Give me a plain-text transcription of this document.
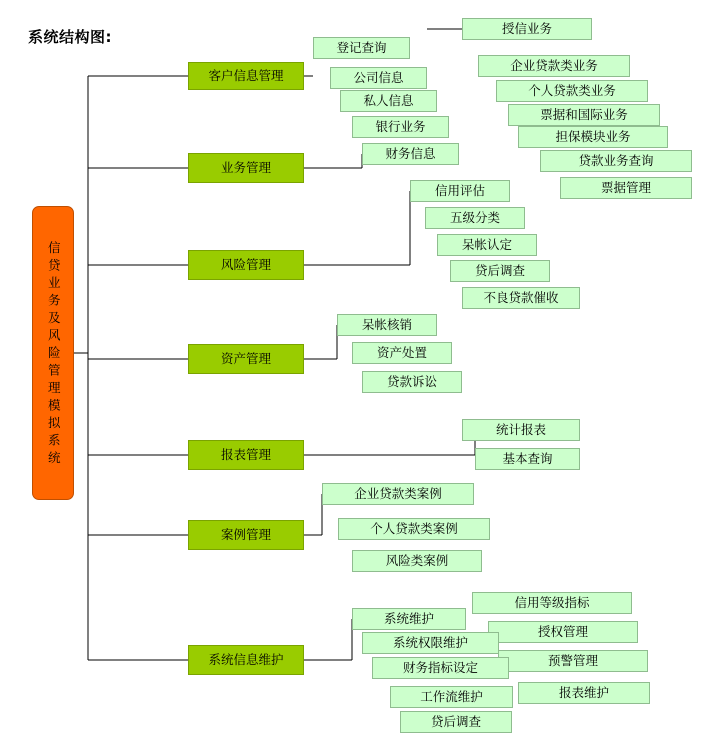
系统结构图:
信贷业务及风险管理模拟系统
客户信息管理
业务管理
风险管理
资产管理
报表管理
案例管理
系统信息维护
登记查询
公司信息
私人信息
银行业务
财务信息
授信业务
企业贷款类业务
个人贷款类业务
票据和国际业务
担保模块业务
贷款业务查询
票据管理
信用评估
五级分类
呆帐认定
贷后调查
不良贷款催收
呆帐核销
资产处置
贷款诉讼
统计报表
基本查询
企业贷款类案例
个人贷款类案例
风险类案例
信用等级指标
授权管理
预警管理
报表维护
系统维护
系统权限维护
财务指标设定
工作流维护
贷后调查
